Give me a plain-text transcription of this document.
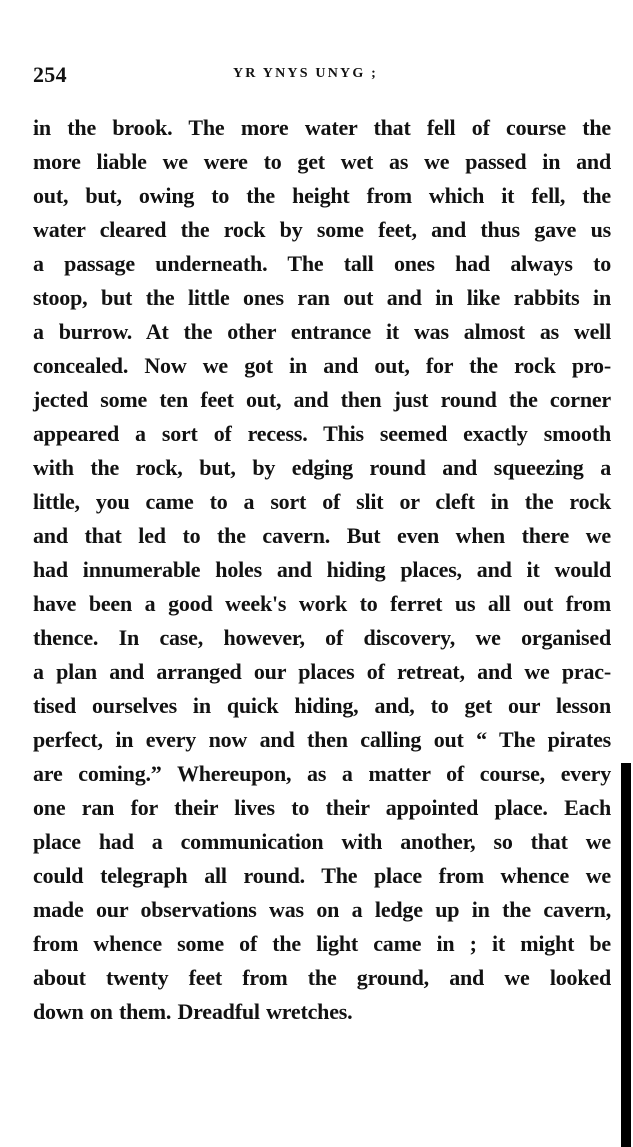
254	YR YNYS UNYG ;
in the brook. The more water that fell of course the
more liable we were to get wet as we passed in and
out, but, owing to the height from which it fell, the
water cleared the rock by some feet, and thus gave us
a passage underneath. The tall ones had always to
stoop, but the little ones ran out and in like rabbits in
a burrow. At the other entrance it was almost as well
concealed. Now we got in and out, for the rock pro-
jected some ten feet out, and then just round the corner
appeared a sort of recess. This seemed exactly smooth
with the rock, but, by edging round and squeezing a
little, you came to a sort of slit or cleft in the rock
and that led to the cavern. But even when there we
had innumerable holes and hiding places, and it would
have been a good week's work to ferret us all out from
thence. In case, however, of discovery, we organised
a plan and arranged our places of retreat, and we prac-
tised ourselves in quick hiding, and, to get our lesson
perfect, in every now and then calling out “ The pirates
are coming.” Whereupon, as a matter of course, every
one ran for their lives to their appointed place. Each
place had a communication with another, so that we
could telegraph all round. The place from whence we
made our observations was on a ledge up in the cavern,
from whence some of the light came in ; it might be
about twenty feet from the ground, and we looked
down on them. Dreadful wretches.
